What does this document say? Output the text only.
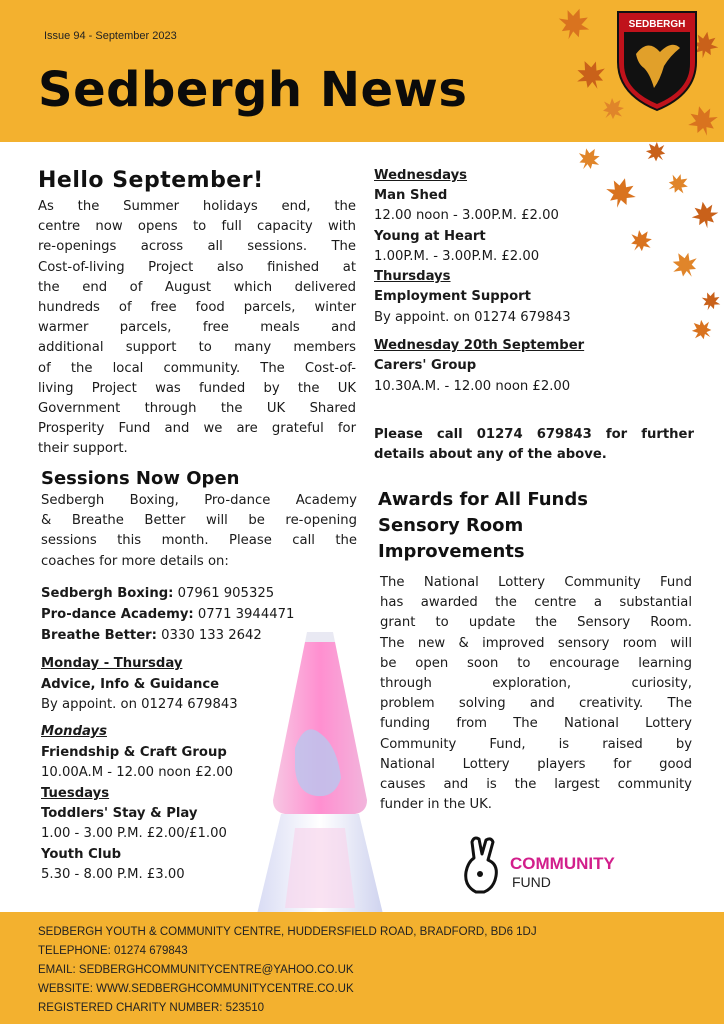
Issue 94 - September 2023
Sedbergh News
SEDBERGH
Hello September!
As the Summer holidays end, the
centre now opens to full capacity with
re-openings across all sessions. The
Cost-of-living Project also finished at
the end of August which delivered
hundreds of free food parcels, winter
warmer parcels, free meals and
additional support to many members
of the local community. The Cost-of-
living Project was funded by the UK
Government through the UK Shared
Prosperity Fund and we are grateful for
their support.
Sessions Now Open
Sedbergh Boxing, Pro-dance Academy
& Breathe Better will be re-opening
sessions this month. Please call the
coaches for more details on:
Sedbergh Boxing: 07961 905325
Pro-dance Academy: 0771 3944471
Breathe Better: 0330 133 2642
Monday - Thursday
Advice, Info & Guidance
By appoint. on 01274 679843
Mondays
Friendship & Craft Group
10.00A.M - 12.00 noon £2.00
Tuesdays
Toddlers' Stay & Play
1.00 - 3.00 P.M. £2.00/£1.00
Youth Club
5.30 - 8.00 P.M. £3.00
Wednesdays
Man Shed
12.00 noon - 3.00P.M. £2.00
Young at Heart
1.00P.M. - 3.00P.M. £2.00
Thursdays
Employment Support
By appoint. on 01274 679843
Wednesday 20th September
Carers' Group
10.30A.M. - 12.00 noon £2.00
Please call 01274 679843 for further
details about any of the above.
Awards for All Funds
Sensory Room
Improvements
The National Lottery Community Fund
has awarded the centre a substantial
grant to update the Sensory Room.
The new & improved sensory room will
be open soon to encourage learning
through exploration, curiosity,
problem solving and creativity. The
funding from The National Lottery
Community Fund, is raised by
National Lottery players for good
causes and is the largest community
funder in the UK.
COMMUNITY
FUND
SEDBERGH YOUTH & COMMUNITY CENTRE, HUDDERSFIELD ROAD, BRADFORD, BD6 1DJ
TELEPHONE: 01274 679843
EMAIL: SEDBERGHCOMMUNITYCENTRE@YAHOO.CO.UK
WEBSITE: WWW.SEDBERGHCOMMUNITYCENTRE.CO.UK
REGISTERED CHARITY NUMBER: 523510
